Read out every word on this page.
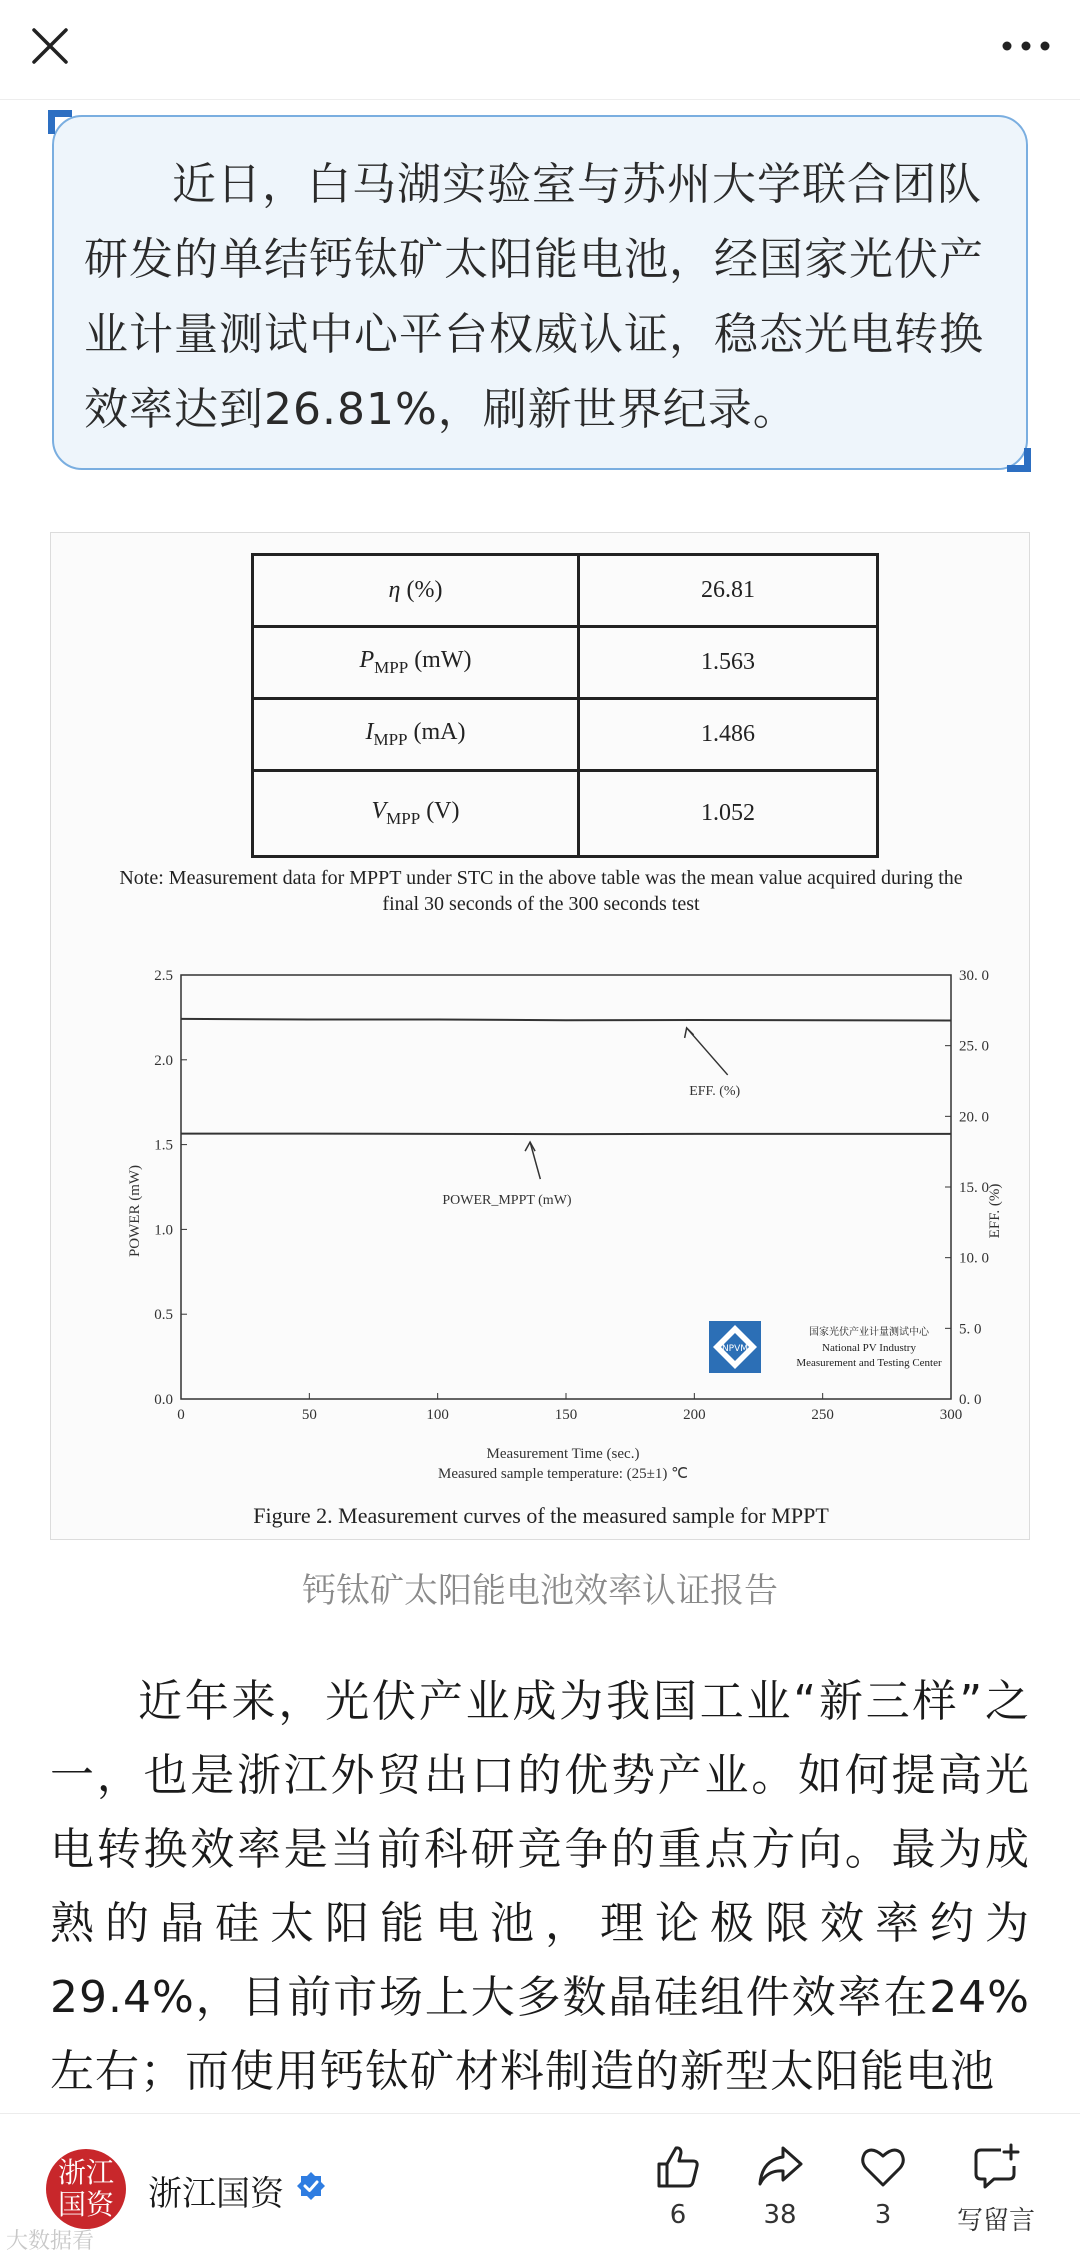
近日，白马湖实验室与苏州大学联合团队研发的单结钙钛矿太阳能电池，经国家光伏产业计量测试中心平台权威认证，稳态光电转换效率达到26.81%，刷新世界纪录。

η (%)	26.81
$P_{MPP}$ (mW)	1.563
$I_{MPP}$ (mA)	1.486
$V_{MPP}$ (V)	1.052
Note: Measurement data for MPPT under STC in the above table was the mean value acquired during the
final 30 seconds of the 300 seconds test
0	50	100	150	200	250	300
0.0
0.5
1.0
1.5
2.0
2.5
0. 0
5. 0
10. 0
15. 0
20. 0
25. 0
30. 0
EFF. (%)
POWER_MPPT (mW)
Measurement Time (sec.)
Measured sample temperature: (25±1) ℃
POWER (mW)	EFF. (%)
NPVM
国家光伏产业计量测试中心
National PV Industry
Measurement and Testing Center
Figure 2. Measurement curves of the measured sample for MPPT
钙钛矿太阳能电池效率认证报告
近年来，光伏产业成为我国工业“新三样”之一，也是浙江外贸出口的优势产业。如何提高光电转换效率是当前科研竞争的重点方向。最为成熟的晶硅太阳能电池，理论极限效率约为29.4%，目前市场上大多数晶硅组件效率在24%左右；而使用钙钛矿材料制造的新型太阳能电池
浙江
国资	浙江国资
大数据看
6	38	3	写留言
